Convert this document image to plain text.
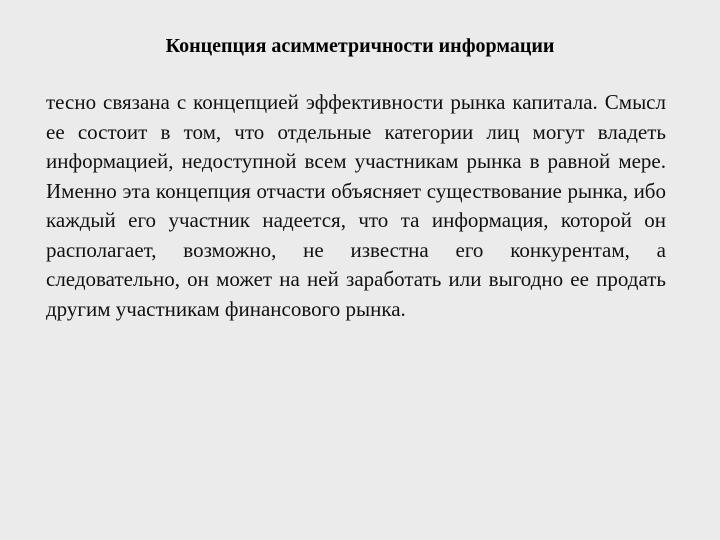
Концепция асимметричности информации

тесно связана с концепцией эффективности рынка капитала. Смысл ее состоит в том, что отдельные категории лиц могут владеть информацией, недоступной всем участникам рынка в равной мере. Именно эта концепция отчасти объясняет существование рынка, ибо каждый его участник надеется, что та информация, которой он располагает, возможно, не известна его конкурентам, а следовательно, он может на ней заработать или выгодно ее продать другим участникам финансового рынка.
